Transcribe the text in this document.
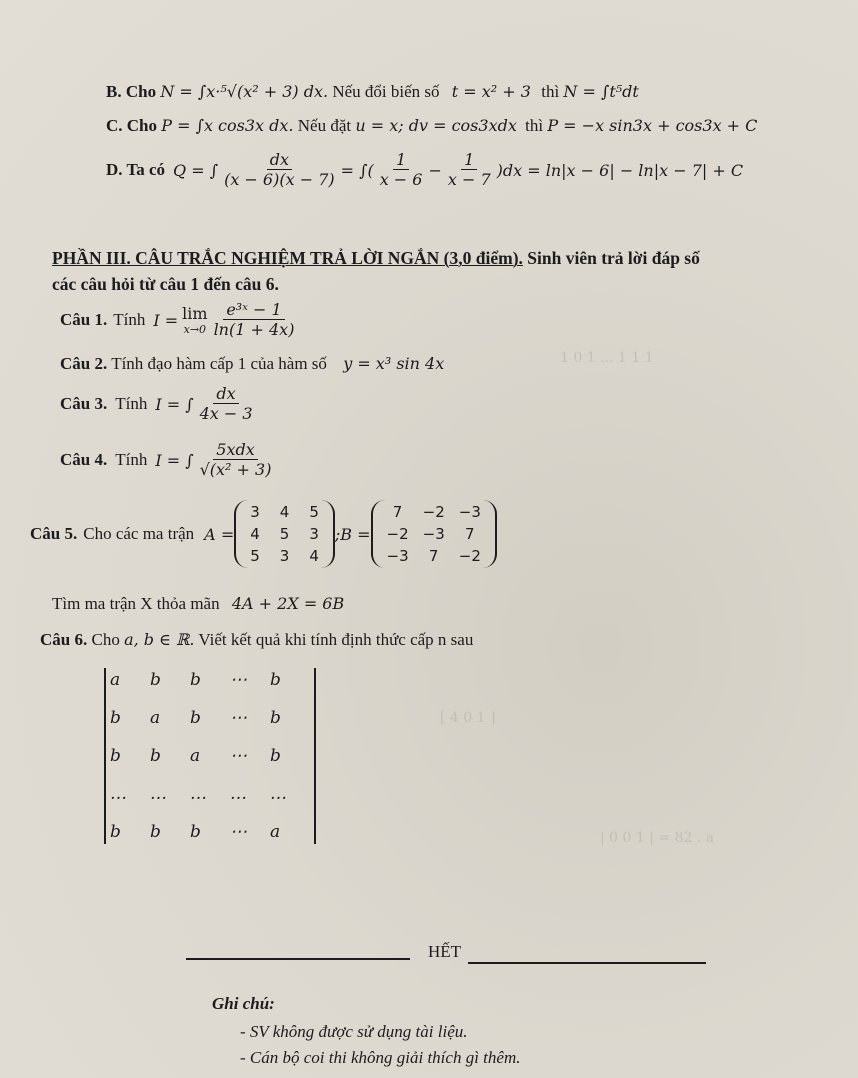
1 0 1 ... 1 1 1
[ 4 0 1 ]
| 0 0 1 | = 82 . a
B. Cho N = ∫x·⁵√(x² + 3) dx. Nếu đổi biến số t = x² + 3 thì N = ∫t⁵dt
C. Cho P = ∫x cos3x dx. Nếu đặt u = x; dv = cos3xdx thì P = −x sin3x + cos3x + C
D. Ta có Q = ∫ $\frac{dx}{(x - 6)(x - 7)}$ = ∫( $\frac{1}{x - 6} - \frac{1}{x - 7} )dx = \ln|x - 6| - \ln|x - 7| + C$
PHẦN III. CÂU TRẮC NGHIỆM TRẢ LỜI NGẮN (3,0 điểm). Sinh viên trả lời đáp số
các câu hỏi từ câu 1 đến câu 6.
Câu 1. Tính I = lim
$x\to 0 \frac{\text{e³ˣ − 1}}{\ln(1 + 4x)}$
Câu 2. Tính đạo hàm cấp 1 của hàm số y = x³ sin 4x
Câu 3. Tính I = ∫ $\frac{dx}{4x - 3}$
Câu 4. Tính I = ∫ $\frac{\text{5xdx}}{\text{√(x² + 3)}}$
Câu 5. Cho các ma trận A =
3 4 5
4 5 3
5 3 4
; B =
7	−2 −3
−2 −3	7
−3	7	−2
Tìm ma trận X thỏa mãn 4A + 2X = 6B
Câu 6. Cho a, b ∈ ℝ. Viết kết quả khi tính định thức cấp n sau
a	b	b	⋯	b
b	a	b	⋯	b
b	b	a	⋯	b
…	…	…	…	…
b	b	b	⋯	a
HẾT
Ghi chú:
- SV không được sử dụng tài liệu.
- Cán bộ coi thi không giải thích gì thêm.
